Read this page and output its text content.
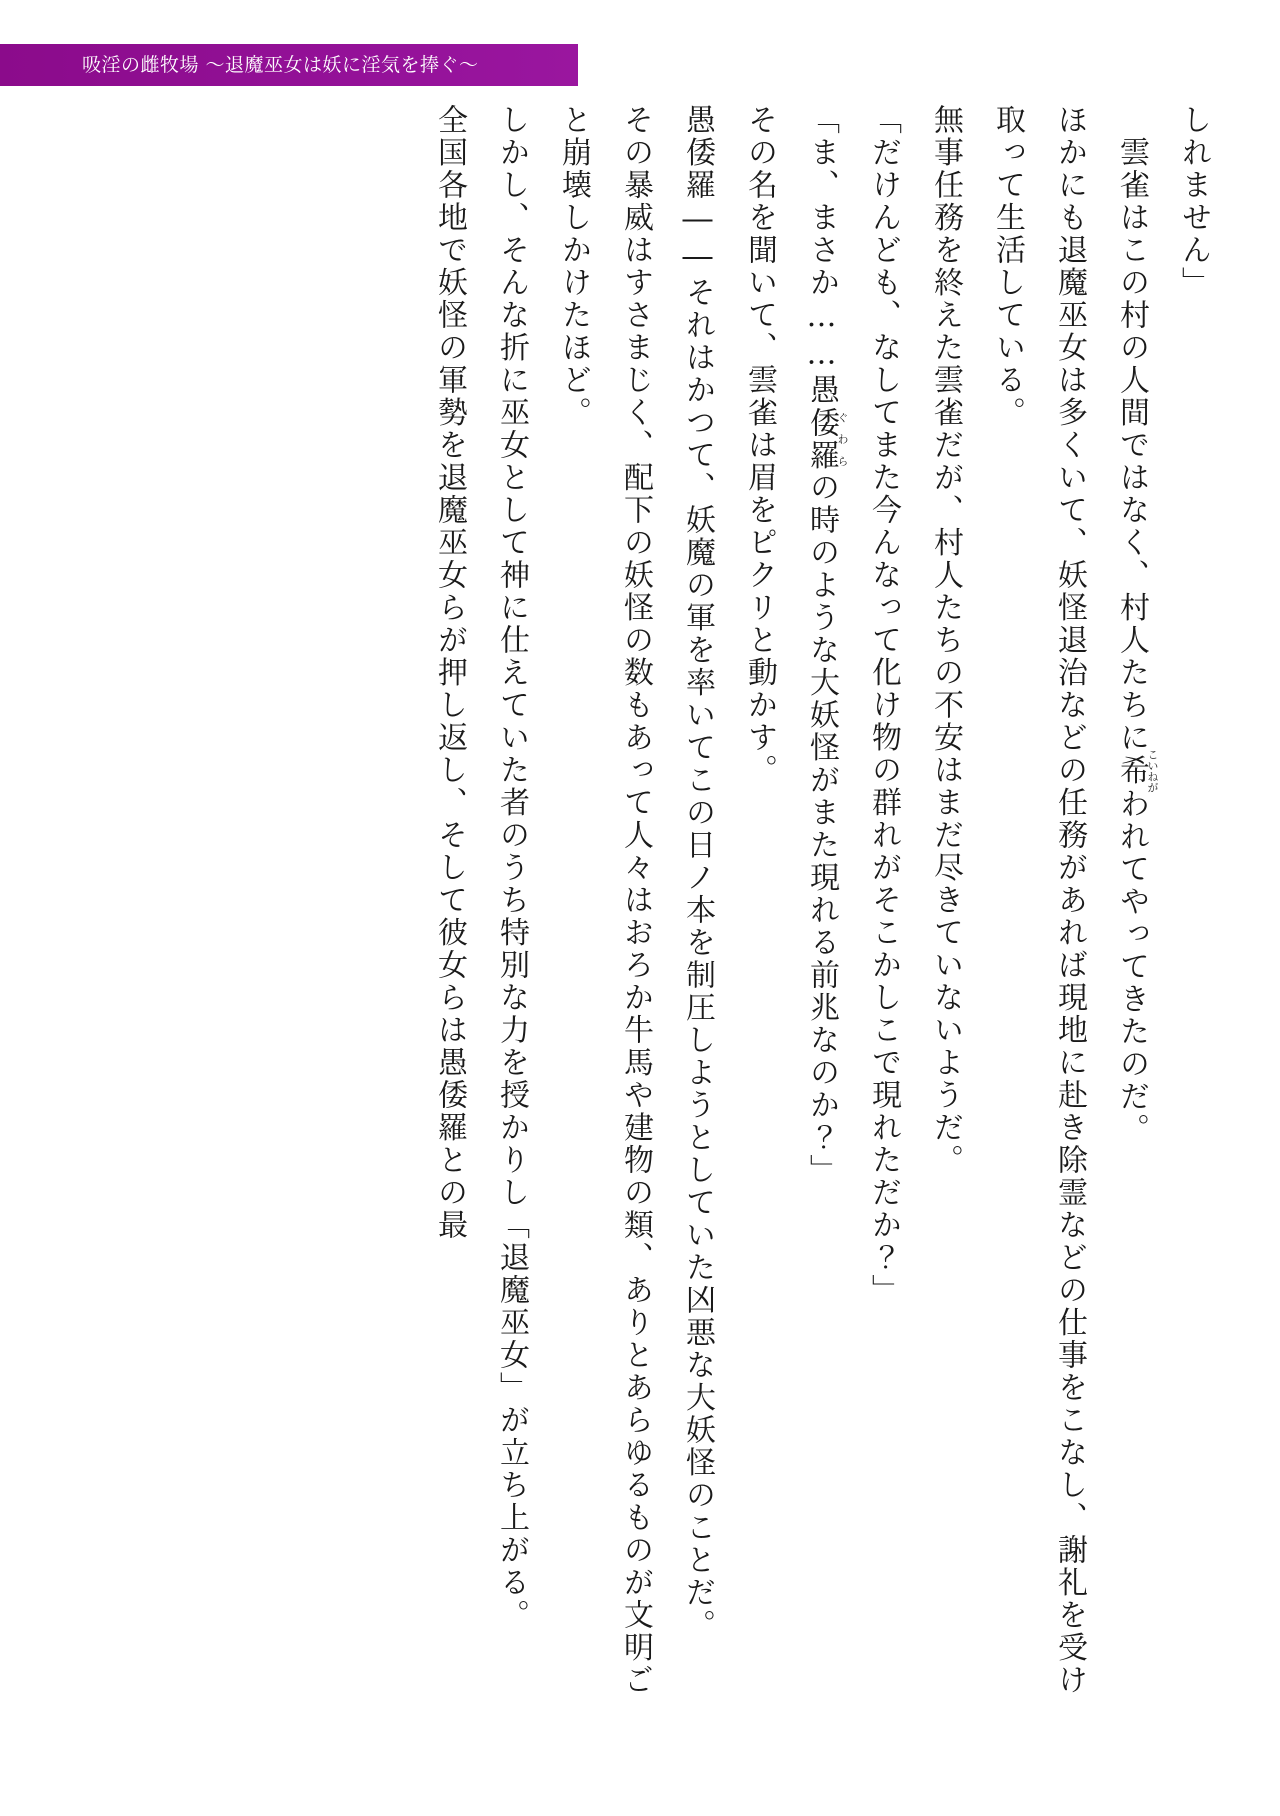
吸淫の雌牧場 ～退魔巫女は妖に淫気を捧ぐ～

しれません」

　雲雀はこの村の人間ではなく、村人たちに希こいねがわれてやってきたのだ。

ほかにも退魔巫女は多くいて、妖怪退治などの任務があれば現地に赴き除霊などの仕事をこなし、謝礼を受け取って生活している。

無事任務を終えた雲雀だが、村人たちの不安はまだ尽きていないようだ。

「だけんども、なしてまた今んなって化け物の群れがそこかしこで現れただか？」

「ま、まさか……愚倭羅ぐわらの時のような大妖怪がまた現れる前兆なのか？」

その名を聞いて、雲雀は眉をピクリと動かす。

愚倭羅――それはかつて、妖魔の軍を率いてこの日ノ本を制圧しようとしていた凶悪な大妖怪のことだ。

その暴威はすさまじく、配下の妖怪の数もあって人々はおろか牛馬や建物の類、ありとあらゆるものが文明ごと崩壊しかけたほど。

しかし、そんな折に巫女として神に仕えていた者のうち特別な力を授かりし「退魔巫女」が立ち上がる。

全国各地で妖怪の軍勢を退魔巫女らが押し返し、そして彼女らは愚倭羅との最
